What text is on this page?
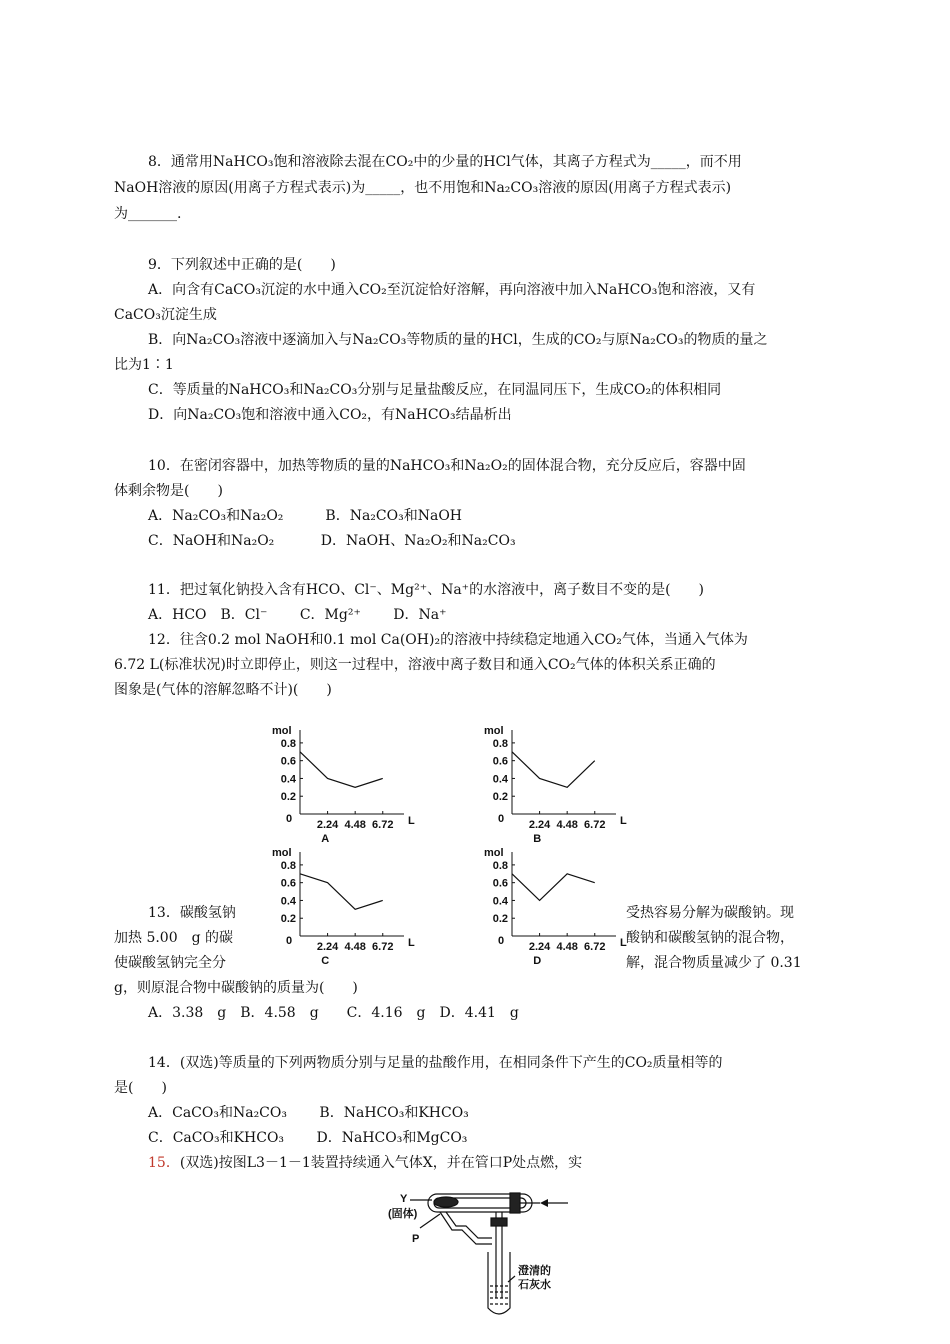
8．通常用NaHCO₃饱和溶液除去混在CO₂中的少量的HCl气体，其离子方程式为_____，而不用
NaOH溶液的原因(用离子方程式表示)为_____，也不用饱和Na₂CO₃溶液的原因(用离子方程式表示)
为_______.
9．下列叙述中正确的是(　　)
A．向含有CaCO₃沉淀的水中通入CO₂至沉淀恰好溶解，再向溶液中加入NaHCO₃饱和溶液，又有
CaCO₃沉淀生成
B．向Na₂CO₃溶液中逐滴加入与Na₂CO₃等物质的量的HCl，生成的CO₂与原Na₂CO₃的物质的量之
比为1∶1
C．等质量的NaHCO₃和Na₂CO₃分别与足量盐酸反应，在同温同压下，生成CO₂的体积相同
D．向Na₂CO₃饱和溶液中通入CO₂，有NaHCO₃结晶析出
10．在密闭容器中，加热等物质的量的NaHCO₃和Na₂O₂的固体混合物，充分反应后，容器中固
体剩余物是(　　)
A．Na₂CO₃和Na₂O₂　　　B．Na₂CO₃和NaOH
C．NaOH和Na₂O₂　　　 D．NaOH、Na₂O₂和Na₂CO₃
11．把过氧化钠投入含有HCO、Cl⁻、Mg²⁺、Na⁺的水溶液中，离子数目不变的是(　　)
A．HCO　B．Cl⁻　　 C．Mg²⁺　　 D．Na⁺
12．往含0.2 mol NaOH和0.1 mol Ca(OH)₂的溶液中持续稳定地通入CO₂气体，当通入气体为
6.72 L(标准状况)时立即停止，则这一过程中，溶液中离子数目和通入CO₂气体的体积关系正确的
图象是(气体的溶解忽略不计)(　　)
mol
0.8
0.6
0.4
0.2
0 2.24 4.48 6.72 L
A
mol
0.8
0.6
0.4
0.2
0 2.24 4.48 6.72 L
B
mol
0.8
0.6
0.4
0.2
0 2.24 4.48 6.72 L
C
mol
0.8
0.6
0.4
0.2
0 2.24 4.48 6.72 L
D
13．碳酸氢钠	受热容易分解为碳酸钠。现
加热 5.00　g 的碳	酸钠和碳酸氢钠的混合物，
使碳酸氢钠完全分	解，混合物质量减少了 0.31
g，则原混合物中碳酸钠的质量为(　　)
A．3.38　g　B．4.58　g　　C．4.16　g　D．4.41　g
14．(双选)等质量的下列两物质分别与足量的盐酸作用，在相同条件下产生的CO₂质量相等的
是(　　)
A．CaCO₃和Na₂CO₃　　 B．NaHCO₃和KHCO₃
C．CaCO₃和KHCO₃　　 D．NaHCO₃和MgCO₃
15．(双选)按图L3－1－1装置持续通入气体X，并在管口P处点燃，实
Y
(固体)
P
澄清的
石灰水
